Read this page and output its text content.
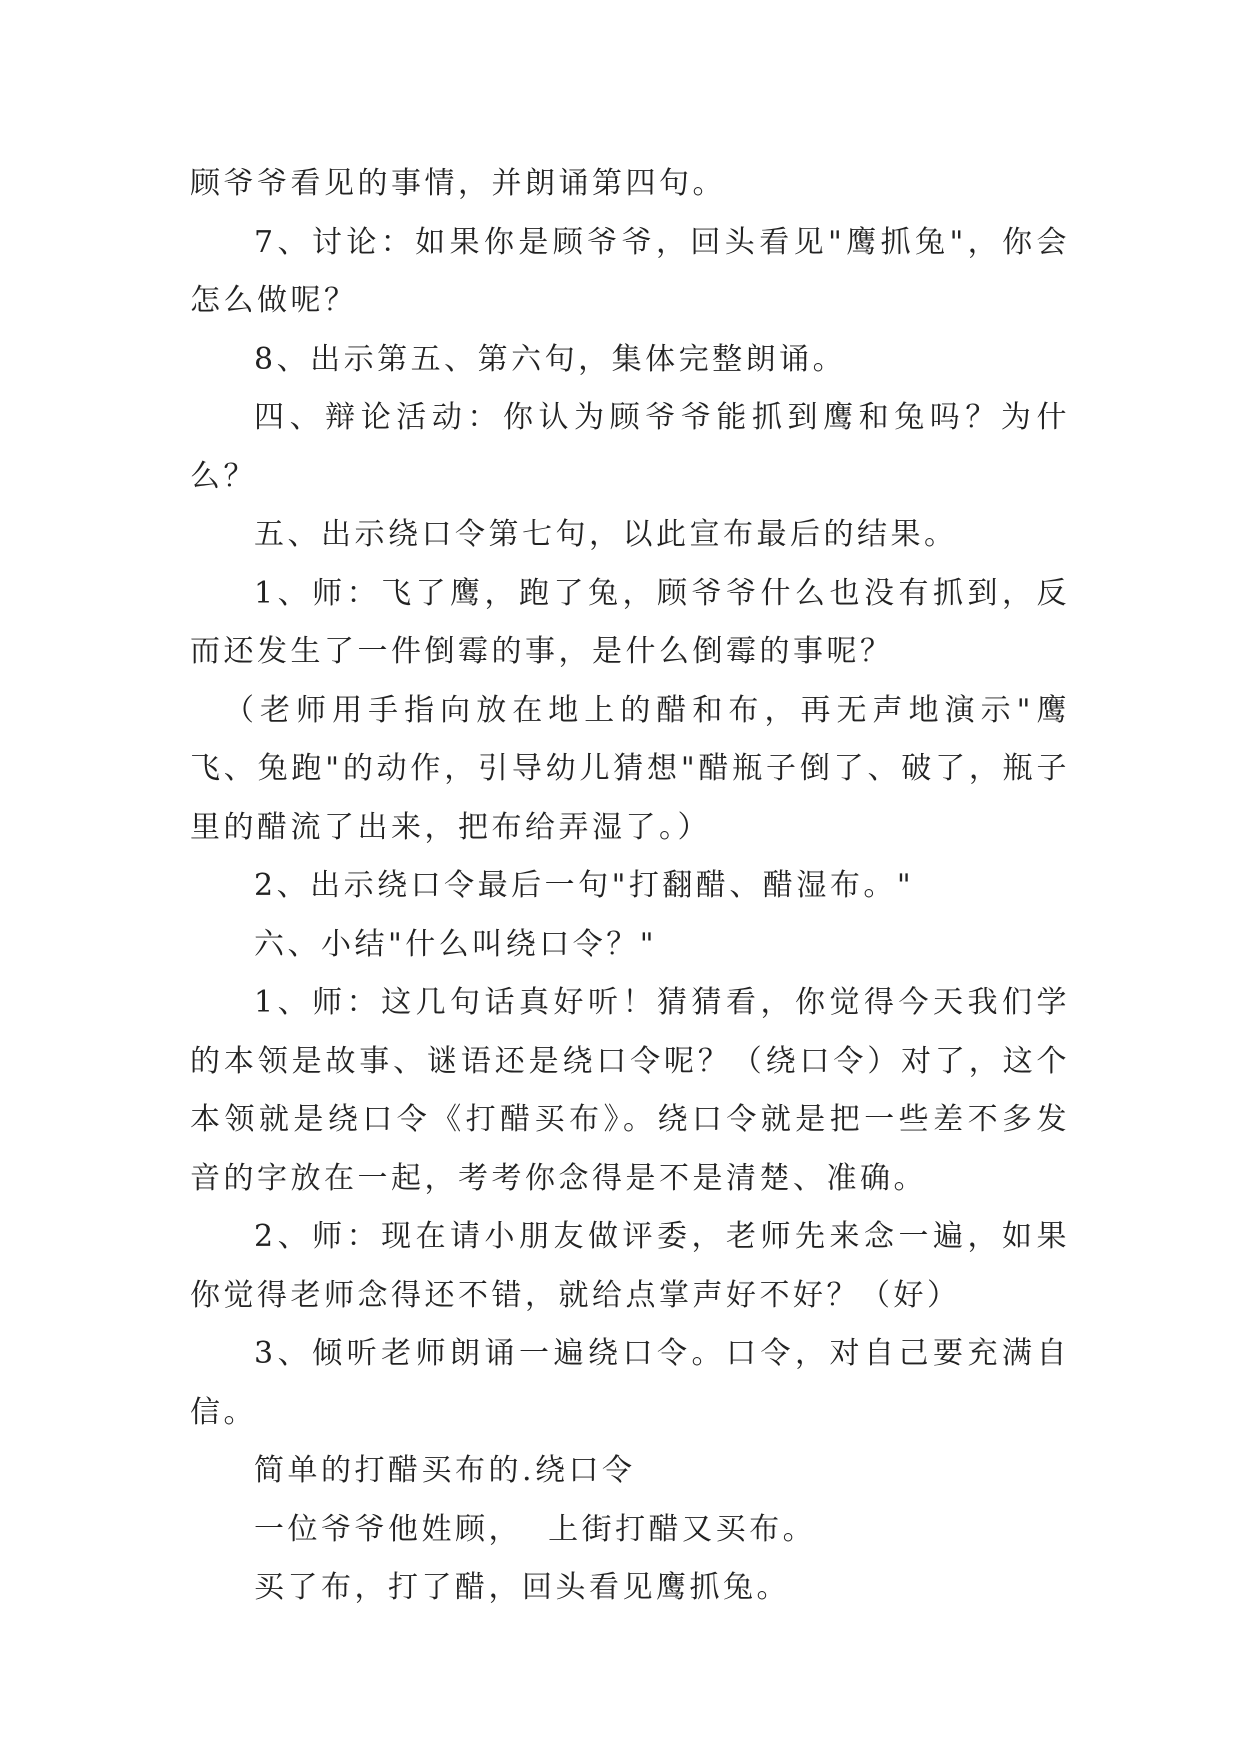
顾爷爷看见的事情，并朗诵第四句。

7、讨论：如果你是顾爷爷，回头看见"鹰抓兔"，你会怎么做呢？

8、出示第五、第六句，集体完整朗诵。

四、辩论活动：你认为顾爷爷能抓到鹰和兔吗？为什么？

五、出示绕口令第七句，以此宣布最后的结果。

1、师：飞了鹰，跑了兔，顾爷爷什么也没有抓到，反而还发生了一件倒霉的事，是什么倒霉的事呢？

（老师用手指向放在地上的醋和布，再无声地演示"鹰飞、兔跑"的动作，引导幼儿猜想"醋瓶子倒了、破了，瓶子里的醋流了出来，把布给弄湿了。）

2、出示绕口令最后一句"打翻醋、醋湿布。"

六、小结"什么叫绕口令？"

1、师：这几句话真好听！猜猜看，你觉得今天我们学的本领是故事、谜语还是绕口令呢？（绕口令）对了，这个本领就是绕口令《打醋买布》。绕口令就是把一些差不多发音的字放在一起，考考你念得是不是清楚、准确。

2、师：现在请小朋友做评委，老师先来念一遍，如果你觉得老师念得还不错，就给点掌声好不好？（好）

3、倾听老师朗诵一遍绕口令。口令，对自己要充满自信。

简单的打醋买布的.绕口令

一位爷爷他姓顾，  上街打醋又买布。

买了布，打了醋，回头看见鹰抓兔。
